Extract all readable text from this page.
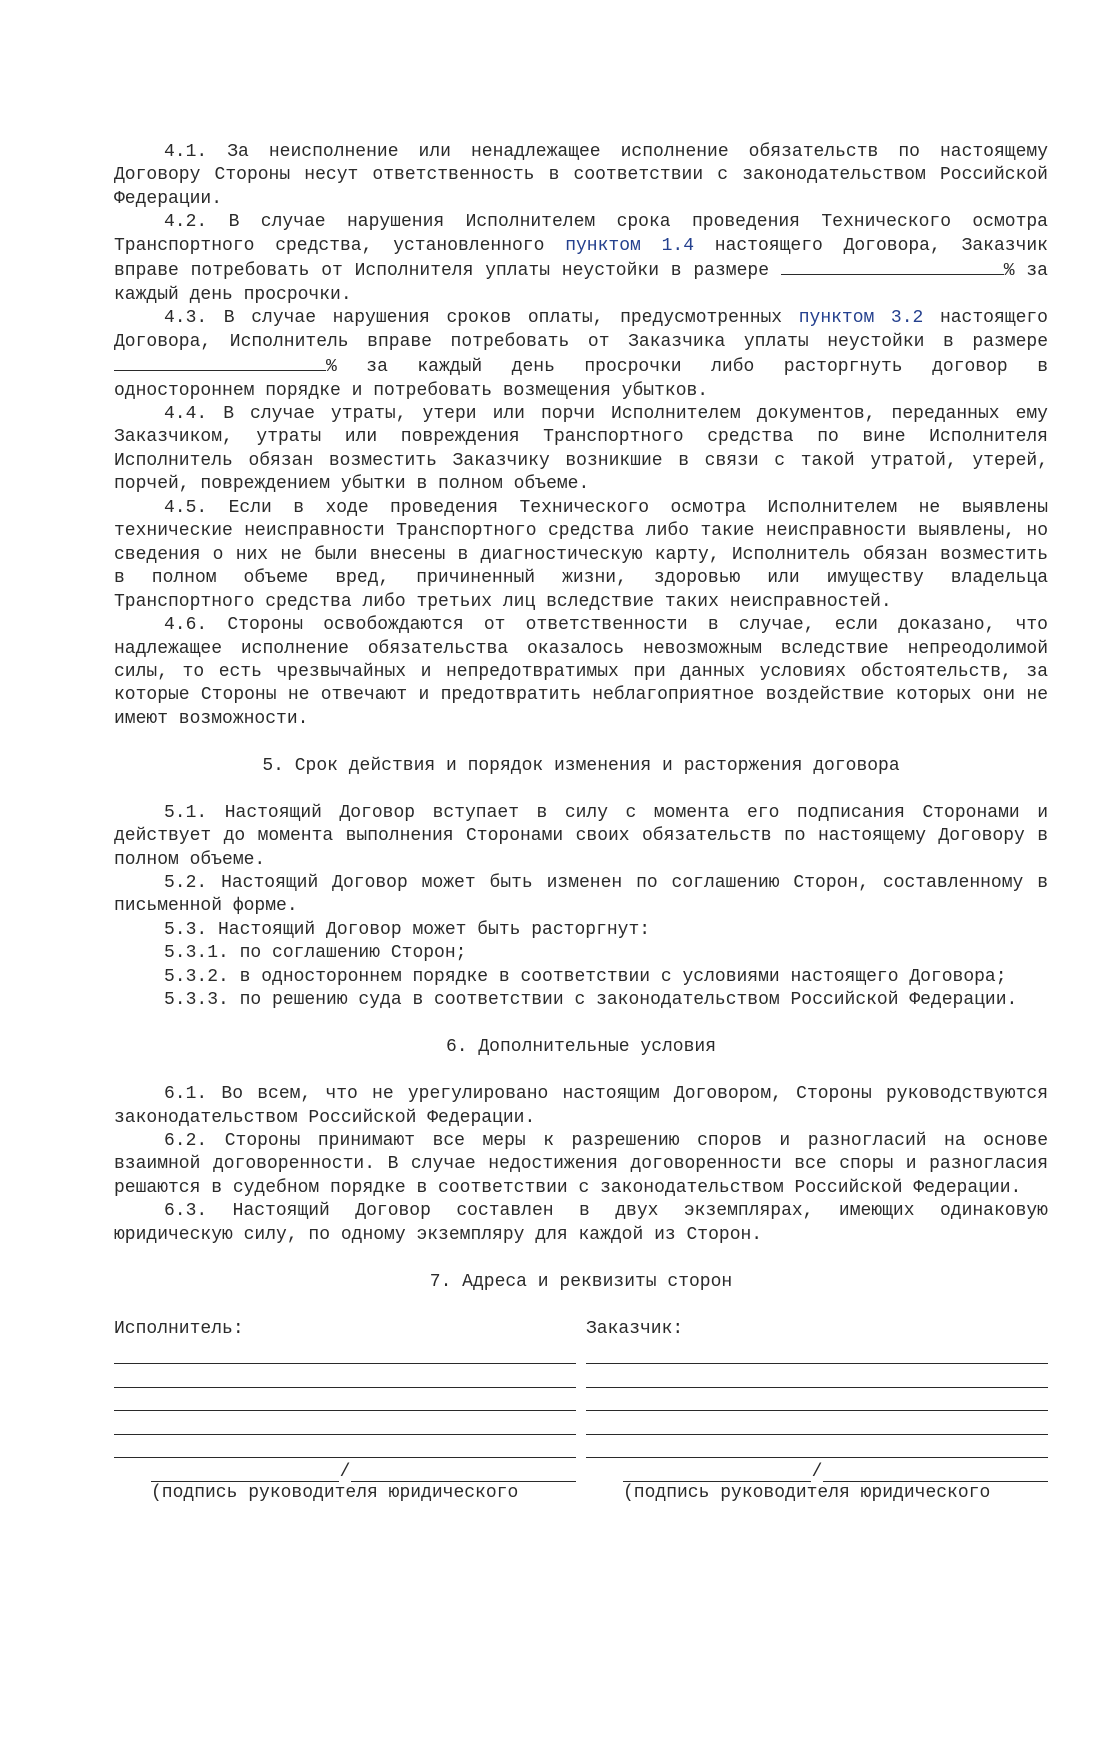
4.1. За неисполнение или ненадлежащее исполнение обязательств по настоящему Договору Стороны несут ответственность в соответствии с законодательством Российской Федерации.

4.2. В случае нарушения Исполнителем срока проведения Технического осмотра Транспортного средства, установленного пунктом 1.4 настоящего Договора, Заказчик вправе потребовать от Исполнителя уплаты неустойки в размере	% за каждый день просрочки.

4.3. В случае нарушения сроков оплаты, предусмотренных пунктом 3.2 настоящего Договора, Исполнитель вправе потребовать от Заказчика уплаты неустойки в размере % за каждый день просрочки либо расторгнуть договор в одностороннем порядке и потребовать возмещения убытков.

4.4. В случае утраты, утери или порчи Исполнителем документов, переданных ему Заказчиком, утраты или повреждения Транспортного средства по вине Исполнителя Исполнитель обязан возместить Заказчику возникшие в связи с такой утратой, утерей, порчей, повреждением убытки в полном объеме.

4.5. Если в ходе проведения Технического осмотра Исполнителем не выявлены технические неисправности Транспортного средства либо такие неисправности выявлены, но сведения о них не были внесены в диагностическую карту, Исполнитель обязан возместить в полном объеме вред, причиненный жизни, здоровью или имуществу владельца Транспортного средства либо третьих лиц вследствие таких неисправностей.

4.6. Стороны освобождаются от ответственности в случае, если доказано, что надлежащее исполнение обязательства оказалось невозможным вследствие непреодолимой силы, то есть чрезвычайных и непредотвратимых при данных условиях обстоятельств, за которые Стороны не отвечают и предотвратить неблагоприятное воздействие которых они не имеют возможности.

5. Срок действия и порядок изменения и расторжения договора

5.1. Настоящий Договор вступает в силу с момента его подписания Сторонами и действует до момента выполнения Сторонами своих обязательств по настоящему Договору в полном объеме.

5.2. Настоящий Договор может быть изменен по соглашению Сторон, составленному в письменной форме.

5.3. Настоящий Договор может быть расторгнут:

5.3.1. по соглашению Сторон;

5.3.2. в одностороннем порядке в соответствии с условиями настоящего Договора;

5.3.3. по решению суда в соответствии с законодательством Российской Федерации.

6. Дополнительные условия

6.1. Во всем, что не урегулировано настоящим Договором, Стороны руководствуются законодательством Российской Федерации.

6.2. Стороны принимают все меры к разрешению споров и разногласий на основе взаимной договоренности. В случае недостижения договоренности все споры и разногласия решаются в судебном порядке в соответствии с законодательством Российской Федерации.

6.3. Настоящий Договор составлен в двух экземплярах, имеющих одинаковую юридическую силу, по одному экземпляру для каждой из Сторон.

7. Адреса и реквизиты сторон
Исполнитель:
/
(подпись руководителя юридического
Заказчик:
/
(подпись руководителя юридического
